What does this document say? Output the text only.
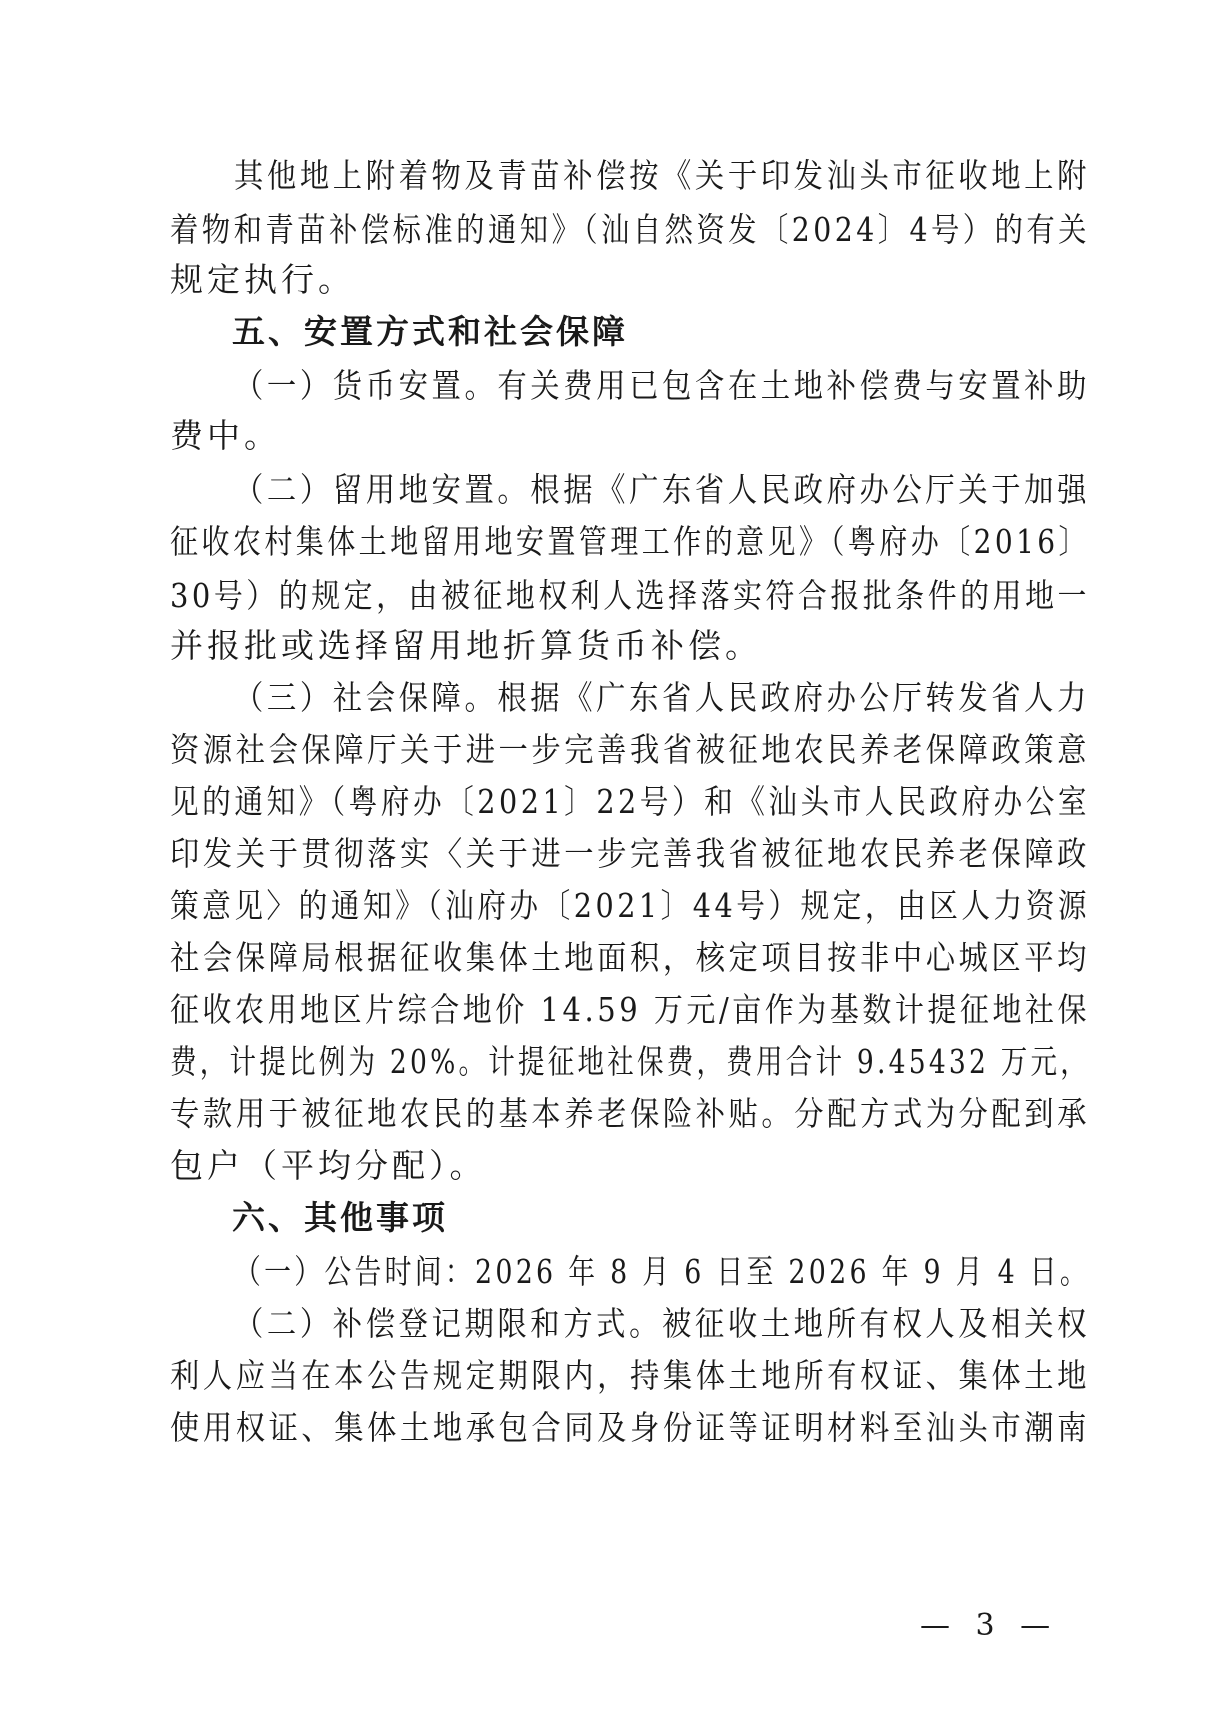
其他地上附着物及青苗补偿按《关于印发汕头市征收地上附
着物和青苗补偿标准的通知》（汕自然资发〔2024〕4号）的有关
规定执行。
五、安置方式和社会保障
（一）货币安置。有关费用已包含在土地补偿费与安置补助
费中。
（二）留用地安置。根据《广东省人民政府办公厅关于加强
征收农村集体土地留用地安置管理工作的意见》（粤府办〔2016〕
30号）的规定，由被征地权利人选择落实符合报批条件的用地一
并报批或选择留用地折算货币补偿。
（三）社会保障。根据《广东省人民政府办公厅转发省人力
资源社会保障厅关于进一步完善我省被征地农民养老保障政策意
见的通知》（粤府办〔2021〕22号）和《汕头市人民政府办公室
印发关于贯彻落实〈关于进一步完善我省被征地农民养老保障政
策意见〉的通知》（汕府办〔2021〕44号）规定，由区人力资源
社会保障局根据征收集体土地面积，核定项目按非中心城区平均
征收农用地区片综合地价 14.59 万元/亩作为基数计提征地社保
费，计提比例为 20%。计提征地社保费，费用合计 9.45432 万元，
专款用于被征地农民的基本养老保险补贴。分配方式为分配到承
包户（平均分配）。
六、其他事项
（一）公告时间：2026 年 8 月 6 日至 2026 年 9 月 4 日。
（二）补偿登记期限和方式。被征收土地所有权人及相关权
利人应当在本公告规定期限内，持集体土地所有权证、集体土地
使用权证、集体土地承包合同及身份证等证明材料至汕头市潮南
— 3 —
